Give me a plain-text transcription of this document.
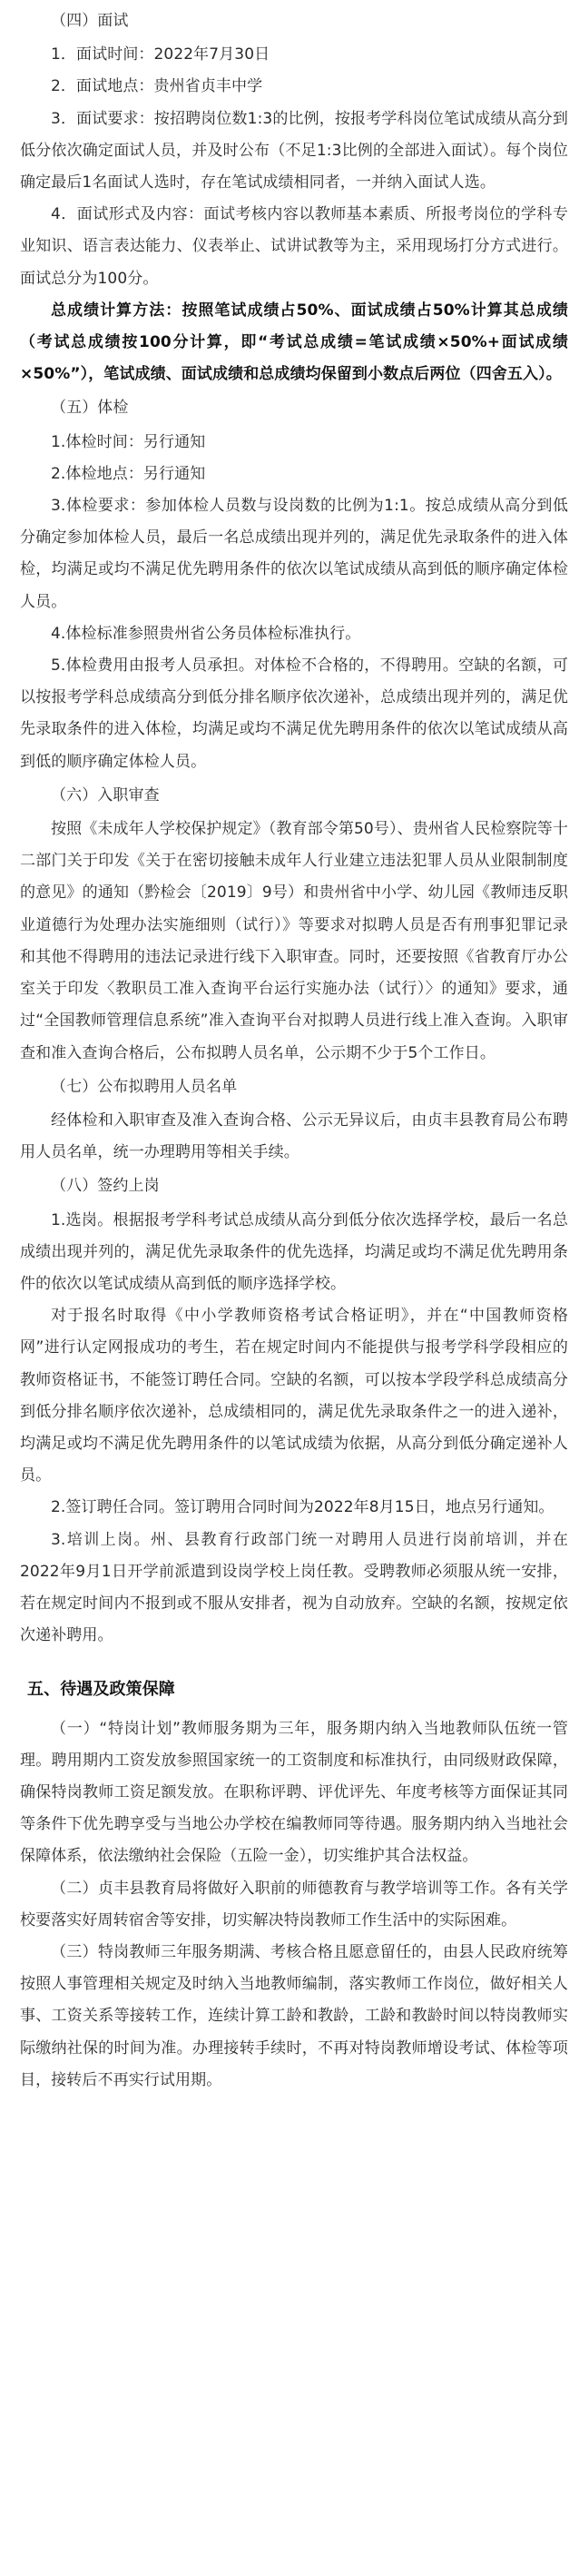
（四）面试

1．面试时间：2022年7月30日

2．面试地点：贵州省贞丰中学

3．面试要求：按招聘岗位数1:3的比例，按报考学科岗位笔试成绩从高分到低分依次确定面试人员，并及时公布（不足1:3比例的全部进入面试）。每个岗位确定最后1名面试人选时，存在笔试成绩相同者，一并纳入面试人选。

4．面试形式及内容：面试考核内容以教师基本素质、所报考岗位的学科专业知识、语言表达能力、仪表举止、试讲试教等为主，采用现场打分方式进行。面试总分为100分。

总成绩计算方法：按照笔试成绩占50%、面试成绩占50%计算其总成绩（考试总成绩按100分计算，即“考试总成绩=笔试成绩×50%+面试成绩×50%”），笔试成绩、面试成绩和总成绩均保留到小数点后两位（四舍五入）。

（五）体检

1.体检时间：另行通知

2.体检地点：另行通知

3.体检要求：参加体检人员数与设岗数的比例为1:1。按总成绩从高分到低分确定参加体检人员，最后一名总成绩出现并列的，满足优先录取条件的进入体检，均满足或均不满足优先聘用条件的依次以笔试成绩从高到低的顺序确定体检人员。

4.体检标准参照贵州省公务员体检标准执行。

5.体检费用由报考人员承担。对体检不合格的，不得聘用。空缺的名额，可以按报考学科总成绩高分到低分排名顺序依次递补，总成绩出现并列的，满足优先录取条件的进入体检，均满足或均不满足优先聘用条件的依次以笔试成绩从高到低的顺序确定体检人员。

（六）入职审查

按照《未成年人学校保护规定》（教育部令第50号）、贵州省人民检察院等十二部门关于印发《关于在密切接触未成年人行业建立违法犯罪人员从业限制制度的意见》的通知（黔检会〔2019〕9号）和贵州省中小学、幼儿园《教师违反职业道德行为处理办法实施细则（试行）》等要求对拟聘人员是否有刑事犯罪记录和其他不得聘用的违法记录进行线下入职审查。同时，还要按照《省教育厅办公室关于印发〈教职员工准入查询平台运行实施办法（试行）〉的通知》要求，通过“全国教师管理信息系统”准入查询平台对拟聘人员进行线上准入查询。入职审查和准入查询合格后，公布拟聘人员名单，公示期不少于5个工作日。

（七）公布拟聘用人员名单

经体检和入职审查及准入查询合格、公示无异议后，由贞丰县教育局公布聘用人员名单，统一办理聘用等相关手续。

（八）签约上岗

1.选岗。根据报考学科考试总成绩从高分到低分依次选择学校，最后一名总成绩出现并列的，满足优先录取条件的优先选择，均满足或均不满足优先聘用条件的依次以笔试成绩从高到低的顺序选择学校。

对于报名时取得《中小学教师资格考试合格证明》，并在“中国教师资格网”进行认定网报成功的考生，若在规定时间内不能提供与报考学科学段相应的教师资格证书，不能签订聘任合同。空缺的名额，可以按本学段学科总成绩高分到低分排名顺序依次递补，总成绩相同的，满足优先录取条件之一的进入递补，均满足或均不满足优先聘用条件的以笔试成绩为依据，从高分到低分确定递补人员。

2.签订聘任合同。签订聘用合同时间为2022年8月15日，地点另行通知。

3.培训上岗。州、县教育行政部门统一对聘用人员进行岗前培训，并在2022年9月1日开学前派遣到设岗学校上岗任教。受聘教师必须服从统一安排，若在规定时间内不报到或不服从安排者，视为自动放弃。空缺的名额，按规定依次递补聘用。

五、待遇及政策保障

（一）“特岗计划”教师服务期为三年，服务期内纳入当地教师队伍统一管理。聘用期内工资发放参照国家统一的工资制度和标准执行，由同级财政保障，确保特岗教师工资足额发放。在职称评聘、评优评先、年度考核等方面保证其同等条件下优先聘享受与当地公办学校在编教师同等待遇。服务期内纳入当地社会保障体系，依法缴纳社会保险（五险一金），切实维护其合法权益。

（二）贞丰县教育局将做好入职前的师德教育与教学培训等工作。各有关学校要落实好周转宿舍等安排，切实解决特岗教师工作生活中的实际困难。

（三）特岗教师三年服务期满、考核合格且愿意留任的，由县人民政府统筹按照人事管理相关规定及时纳入当地教师编制，落实教师工作岗位，做好相关人事、工资关系等接转工作，连续计算工龄和教龄，工龄和教龄时间以特岗教师实际缴纳社保的时间为准。办理接转手续时，不再对特岗教师增设考试、体检等项目，接转后不再实行试用期。
